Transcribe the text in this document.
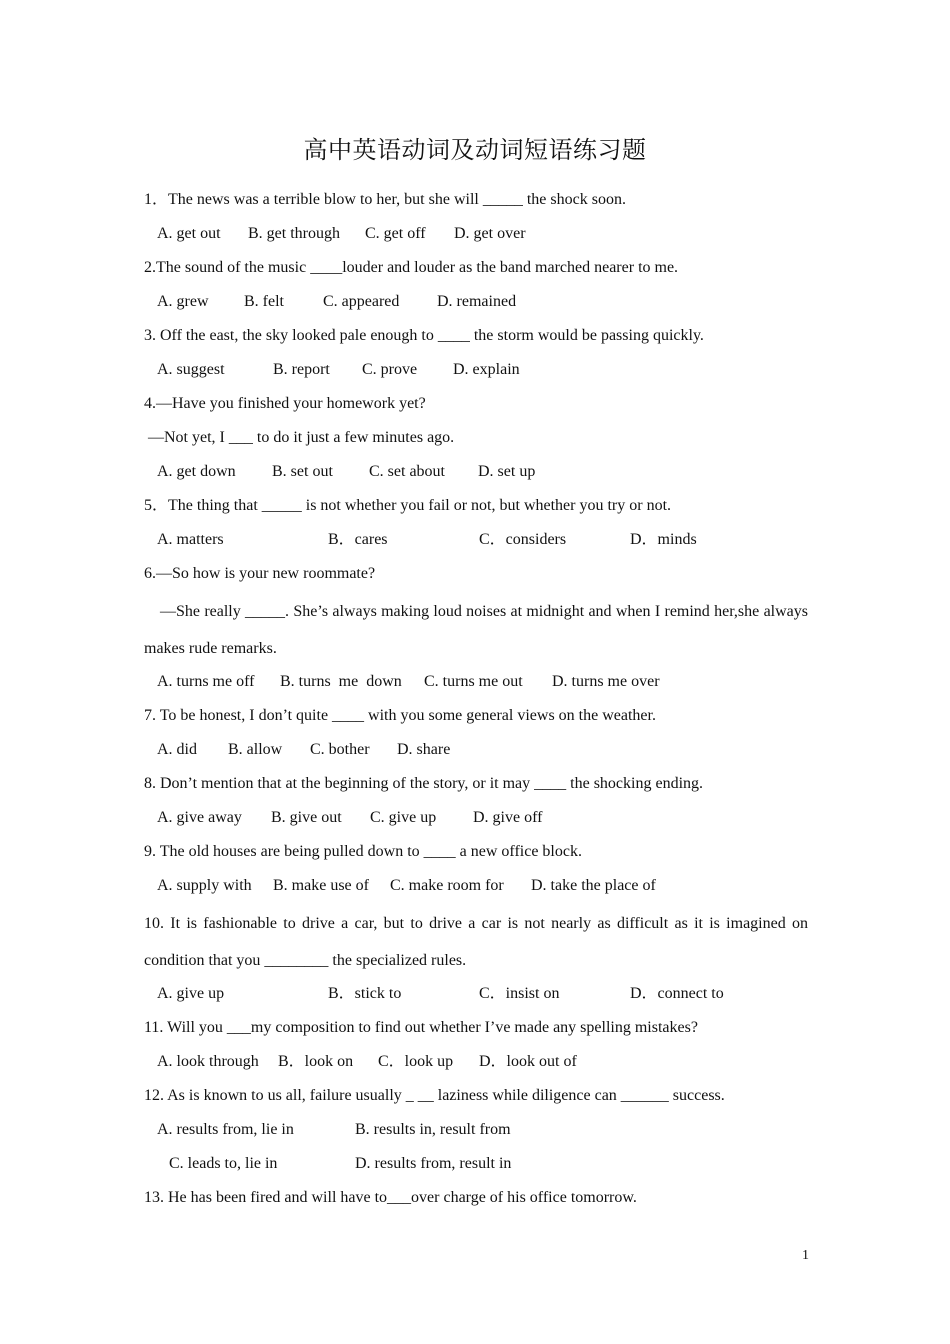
高中英语动词及动词短语练习题
1．The news was a terrible blow to her, but she will _____ the shock soon.
A. get out	B. get through	C. get off	D. get over
2.The sound of the music ____louder and louder as the band marched nearer to me.
A. grew	B. felt	C. appeared	D. remained
3. Off the east, the sky looked pale enough to ____ the storm would be passing quickly.
A. suggest	B. report	C. prove	D. explain
4.—Have you finished your homework yet?
—Not yet, I ___ to do it just a few minutes ago.
A. get down	B. set out	C. set about	D. set up
5．The thing that _____ is not whether you fail or not, but whether you try or not.
A. matters	B．cares	C．considers	D．minds
6.—So how is your new roommate?
—She really _____. She’s always making loud noises at midnight and when I remind her,she always makes rude remarks.
A. turns me off	B. turns  me  down	C. turns me out	D. turns me over
7. To be honest, I don’t quite ____ with you some general views on the weather.
A. did	B. allow	C. bother	D. share
8. Don’t mention that at the beginning of the story, or it may ____ the shocking ending.
A. give away	B. give out	C. give up	D. give off
9. The old houses are being pulled down to ____ a new office block.
A. supply with	B. make use of	C. make room for	D. take the place of
10. It is fashionable to drive a car, but to drive a car is not nearly as difficult as it is imagined on condition that you ________ the specialized rules.
A. give up	B．stick to	C．insist on	D．connect to
11. Will you ___my composition to find out whether I’ve made any spelling mistakes?
A. look through	B．look on	C．look up	D．look out of
12. As is known to us all, failure usually _ __ laziness while diligence can ______ success.
A. results from, lie in	B. results in, result from
C. leads to, lie in	D. results from, result in
13. He has been fired and will have to___over charge of his office tomorrow.
1
